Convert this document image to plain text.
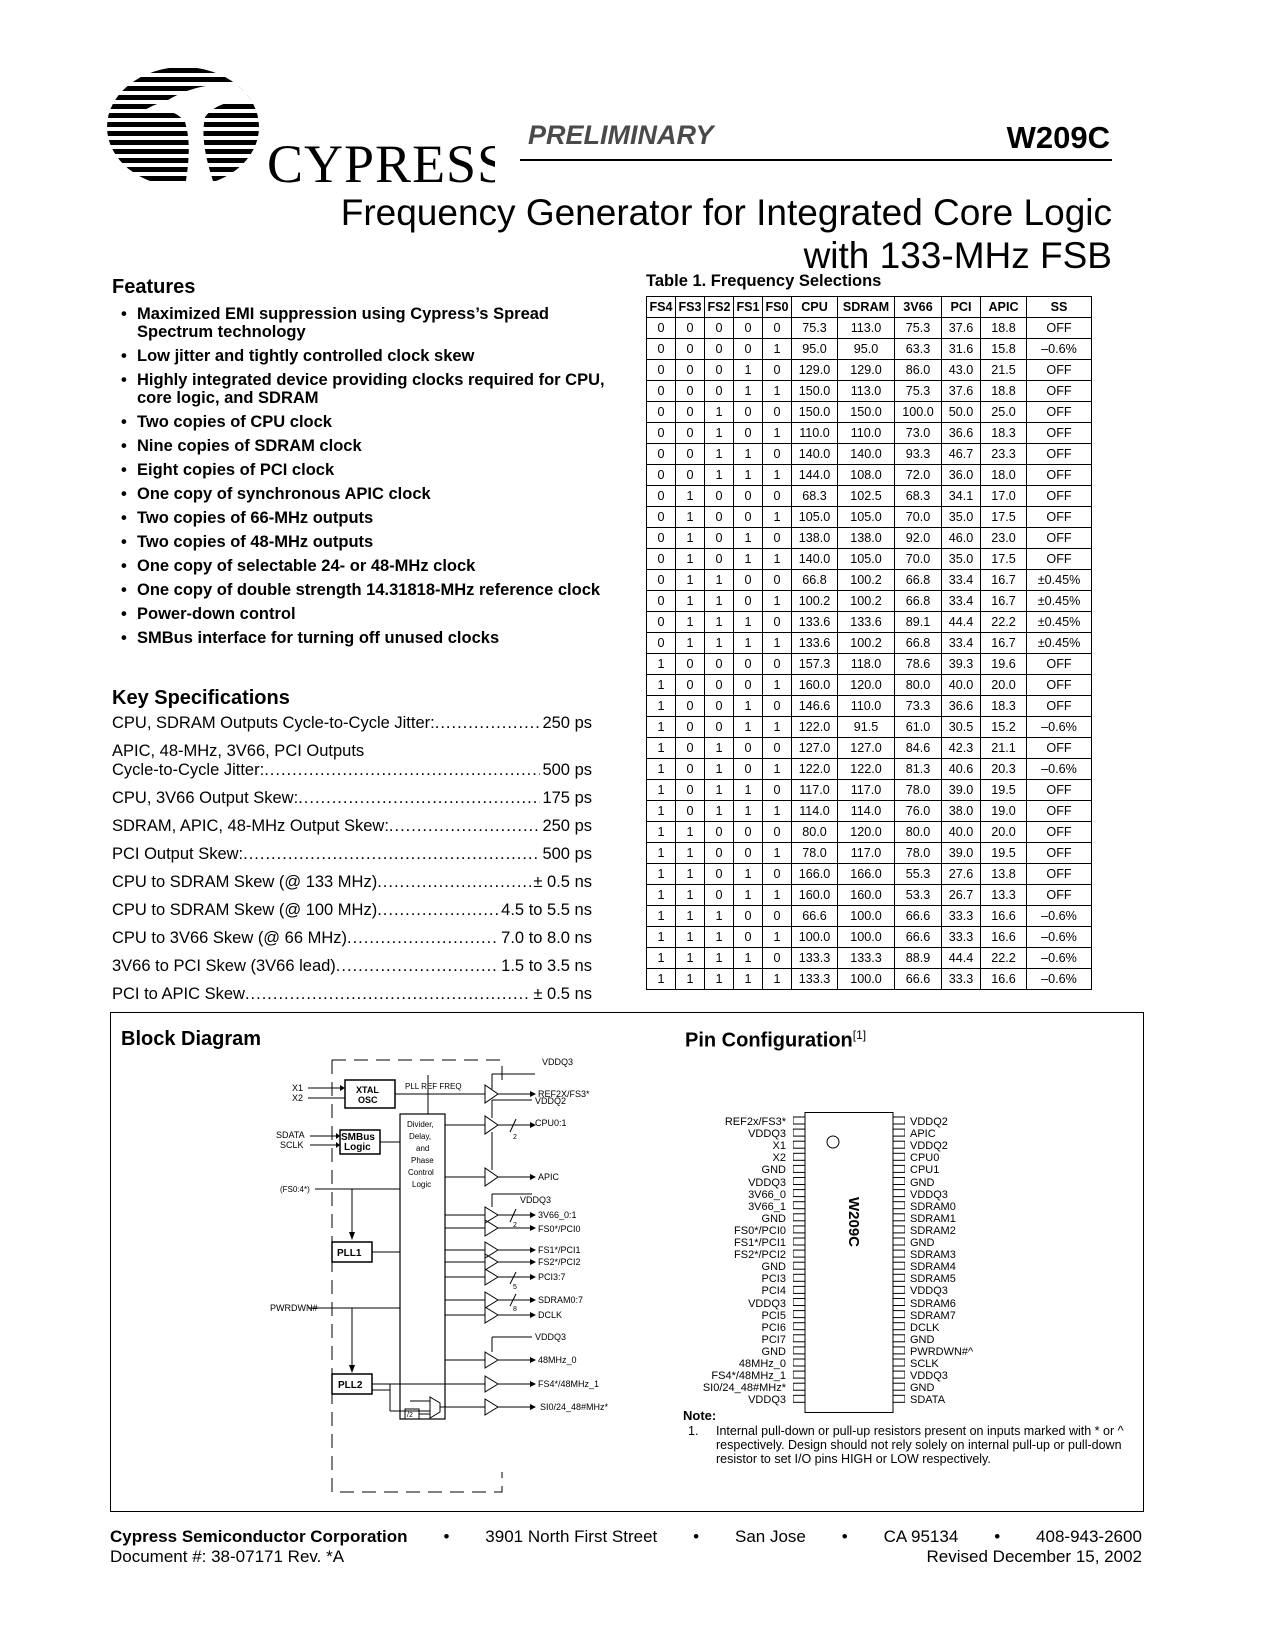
CYPRESS PRELIMINARY	W209C
Frequency Generator for Integrated Core Logic
with 133-MHz FSB
Features
• Maximized EMI suppression using Cypress’s Spread Spectrum technology
• Low jitter and tightly controlled clock skew
• Highly integrated device providing clocks required for CPU, core logic, and SDRAM
• Two copies of CPU clock
• Nine copies of SDRAM clock
• Eight copies of PCI clock
• One copy of synchronous APIC clock
• Two copies of 66-MHz outputs
• Two copies of 48-MHz outputs
• One copy of selectable 24- or 48-MHz clock
• One copy of double strength 14.31818-MHz reference clock
• Power-down control
• SMBus interface for turning off unused clocks
Key Specifications
CPU, SDRAM Outputs Cycle-to-Cycle Jitter: .....	250 ps
APIC, 48-MHz, 3V66, PCI Outputs
Cycle-to-Cycle Jitter: .....	500 ps
CPU, 3V66 Output Skew: .....	175 ps
SDRAM, APIC, 48-MHz Output Skew: .....	250 ps
PCI Output Skew: .....	500 ps
CPU to SDRAM Skew (@ 133 MHz) .....	± 0.5 ns
CPU to SDRAM Skew (@ 100 MHz) .....	4.5 to 5.5 ns
CPU to 3V66 Skew (@ 66 MHz) .....	7.0 to 8.0 ns
3V66 to PCI Skew (3V66 lead) .....	1.5 to 3.5 ns
PCI to APIC Skew .....	± 0.5 ns
Table 1. Frequency Selections
FS4	FS3	FS2	FS1	FS0	CPU	SDRAM	3V66	PCI	APIC	SS
0	0	0	0	0	75.3	113.0	75.3	37.6	18.8	OFF
0	0	0	0	1	95.0	95.0	63.3	31.6	15.8	–0.6%
0	0	0	1	0	129.0	129.0	86.0	43.0	21.5	OFF
0	0	0	1	1	150.0	113.0	75.3	37.6	18.8	OFF
0	0	1	0	0	150.0	150.0	100.0	50.0	25.0	OFF
0	0	1	0	1	110.0	110.0	73.0	36.6	18.3	OFF
0	0	1	1	0	140.0	140.0	93.3	46.7	23.3	OFF
0	0	1	1	1	144.0	108.0	72.0	36.0	18.0	OFF
0	1	0	0	0	68.3	102.5	68.3	34.1	17.0	OFF
0	1	0	0	1	105.0	105.0	70.0	35.0	17.5	OFF
0	1	0	1	0	138.0	138.0	92.0	46.0	23.0	OFF
0	1	0	1	1	140.0	105.0	70.0	35.0	17.5	OFF
0	1	1	0	0	66.8	100.2	66.8	33.4	16.7	±0.45%
0	1	1	0	1	100.2	100.2	66.8	33.4	16.7	±0.45%
0	1	1	1	0	133.6	133.6	89.1	44.4	22.2	±0.45%
0	1	1	1	1	133.6	100.2	66.8	33.4	16.7	±0.45%
1	0	0	0	0	157.3	118.0	78.6	39.3	19.6	OFF
1	0	0	0	1	160.0	120.0	80.0	40.0	20.0	OFF
1	0	0	1	0	146.6	110.0	73.3	36.6	18.3	OFF
1	0	0	1	1	122.0	91.5	61.0	30.5	15.2	–0.6%
1	0	1	0	0	127.0	127.0	84.6	42.3	21.1	OFF
1	0	1	0	1	122.0	122.0	81.3	40.6	20.3	–0.6%
1	0	1	1	0	117.0	117.0	78.0	39.0	19.5	OFF
1	0	1	1	1	114.0	114.0	76.0	38.0	19.0	OFF
1	1	0	0	0	80.0	120.0	80.0	40.0	20.0	OFF
1	1	0	0	1	78.0	117.0	78.0	39.0	19.5	OFF
1	1	0	1	0	166.0	166.0	55.3	27.6	13.8	OFF
1	1	0	1	1	160.0	160.0	53.3	26.7	13.3	OFF
1	1	1	0	0	66.6	100.0	66.6	33.3	16.6	–0.6%
1	1	1	0	1	100.0	100.0	66.6	33.3	16.6	–0.6%
1	1	1	1	0	133.3	133.3	88.9	44.4	22.2	–0.6%
1	1	1	1	1	133.3	100.0	66.6	33.3	16.6	–0.6%
Block Diagram	Pin Configuration[1]
X1
X2
XTAL
OSC
PLL REF FREQ
SDATA
SCLK
SMBus
Logic
(FS0:4*)
PLL1
PWRDWN#
PLL2
Divider,
Delay,
and
Phase
Control
Logic
VDDQ3
REF2X/FS3*
VDDQ2
CPU0:1
2
APIC
VDDQ3
3V66_0:1
FS0*/PCI0
2
FS1*/PCI1
FS2*/PCI2
PCI3:7
5
SDRAM0:7
8
DCLK
VDDQ3
48MHz_0
FS4*/48MHz_1
SI0/24_48#MHz*
/2
REF2x/FS3*
VDDQ3
X1
X2
GND
VDDQ3
3V66_0
3V66_1
GND
FS0*/PCI0
FS1*/PCI1
FS2*/PCI2
GND
PCI3
PCI4
VDDQ3
PCI5
PCI6
PCI7
GND
48MHz_0
FS4*/48MHz_1
SI0/24_48#MHz*
VDDQ3
VDDQ2
APIC
VDDQ2
CPU0
CPU1
GND
VDDQ3
SDRAM0
SDRAM1
SDRAM2
GND
SDRAM3
SDRAM4
SDRAM5
VDDQ3
SDRAM6
SDRAM7
DCLK
GND
PWRDWN#^
SCLK
VDDQ3
GND
SDATA
W209C
Note:
1.	Internal pull-down or pull-up resistors present on inputs marked with * or ^ respectively. Design should not rely solely on internal pull-up or pull-down resistor to set I/O pins HIGH or LOW respectively.
Cypress Semiconductor Corporation • 3901 North First Street • San Jose • CA 95134 • 408-943-2600
Document #: 38-07171 Rev. *A	Revised December 15, 2002
